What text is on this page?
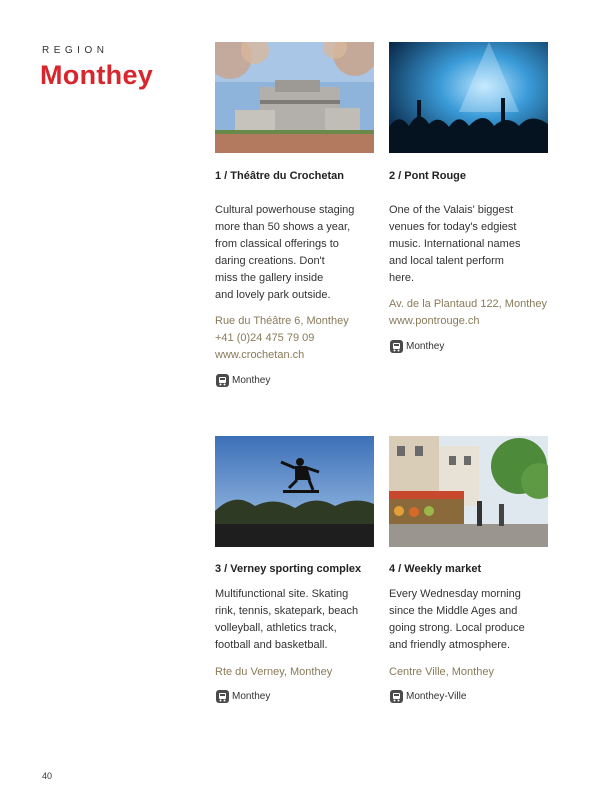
REGION
Monthey
1 / Théâtre du Crochetan
Cultural powerhouse staging
more than 50 shows a year,
from classical offerings to
daring creations. Don't
miss the gallery inside
and lovely park outside.
Rue du Théâtre 6, Monthey
+41 (0)24 475 79 09
www.crochetan.ch
Monthey
2 / Pont Rouge
One of the Valais' biggest
venues for today's edgiest
music. International names
and local talent perform
here.
Av. de la Plantaud 122, Monthey
www.pontrouge.ch
Monthey
3 / Verney sporting complex
Multifunctional site. Skating
rink, tennis, skatepark, beach
volleyball, athletics track,
football and basketball.
Rte du Verney, Monthey
Monthey
4 / Weekly market
Every Wednesday morning
since the Middle Ages and
going strong. Local produce
and friendly atmosphere.
Centre Ville, Monthey
Monthey-Ville
40
